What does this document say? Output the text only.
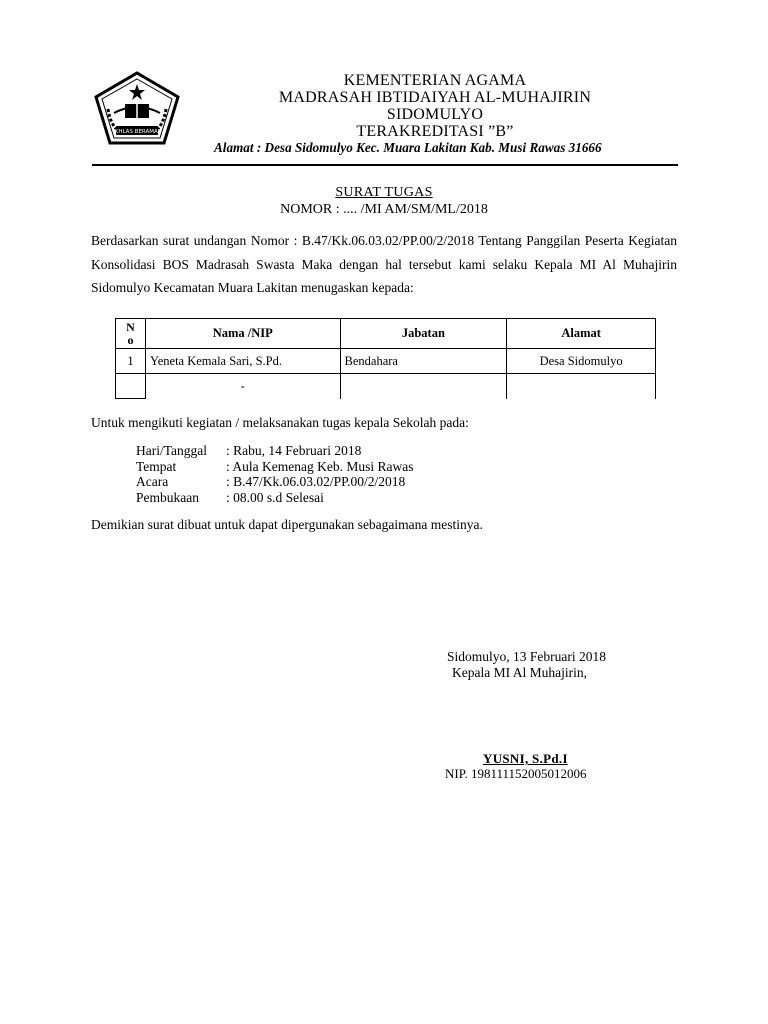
IKHLAS BERAMAL

KEMENTERIAN AGAMA

MADRASAH IBTIDAIYAH AL-MUHAJIRIN

SIDOMULYO

TERAKREDITASI ”B”

Alamat : Desa Sidomulyo Kec. Muara Lakitan Kab. Musi Rawas 31666
SURAT TUGAS
NOMOR : .... /MI AM/SM/ML/2018
Berdasarkan surat undangan Nomor : B.47/Kk.06.03.02/PP.00/2/2018 Tentang Panggilan Peserta Kegiatan Konsolidasi BOS Madrasah Swasta Maka dengan hal tersebut kami selaku Kepala MI Al Muhajirin Sidomulyo Kecamatan Muara Lakitan menugaskan kepada:
N
o	Nama /NIP	Jabatan	Alamat
1	Yeneta Kemala Sari, S.Pd.	Bendahara	Desa Sidomulyo
	-		
Untuk mengikuti kegiatan / melaksanakan tugas kepala Sekolah pada:
Hari/Tanggal	: Rabu, 14 Februari 2018
Tempat	: Aula Kemenag Keb. Musi Rawas
Acara	: B.47/Kk.06.03.02/PP.00/2/2018
Pembukaan	: 08.00 s.d Selesai
Demikian surat dibuat untuk dapat dipergunakan sebagaimana mestinya.
Sidomulyo, 13 Februari 2018
Kepala MI Al Muhajirin,
YUSNI, S.Pd.I
NIP. 198111152005012006
